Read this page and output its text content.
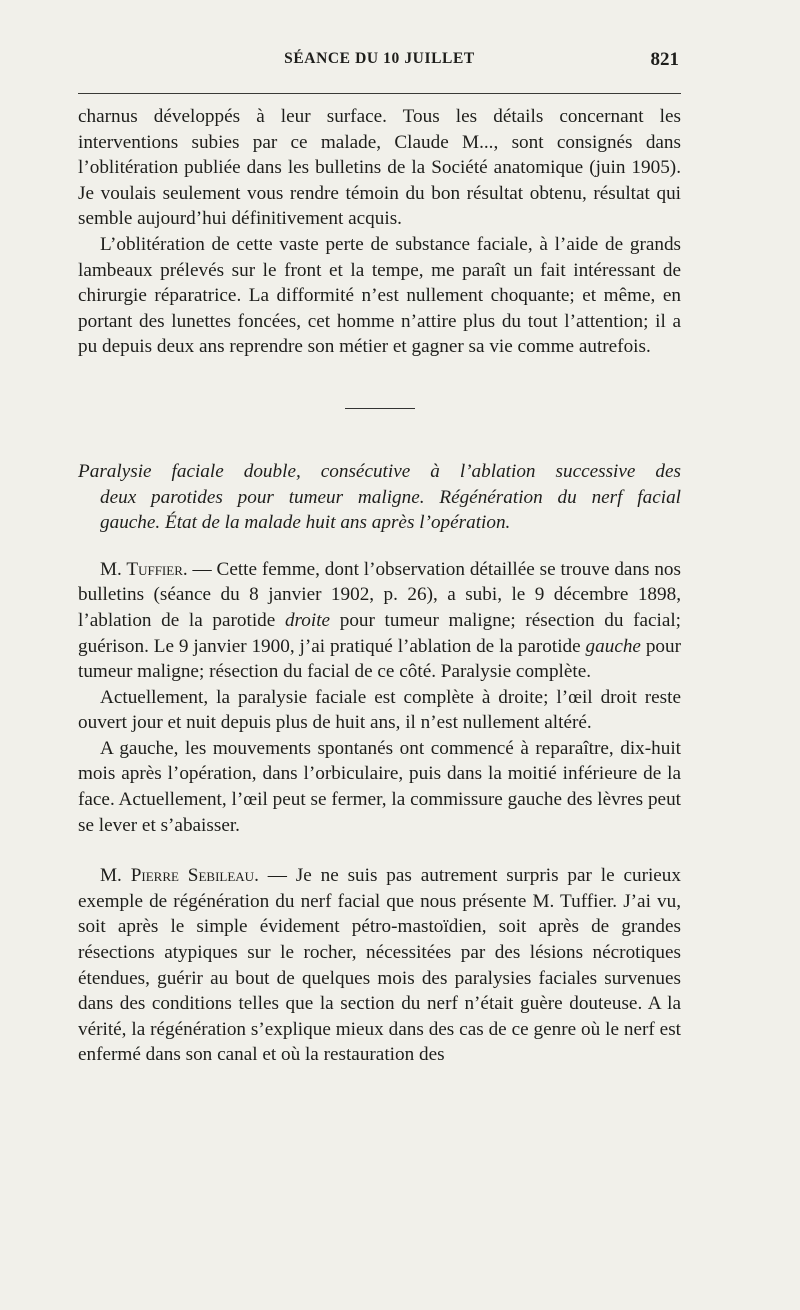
SÉANCE DU 10 JUILLET	821

charnus développés à leur surface. Tous les détails concernant les interventions subies par ce malade, Claude M..., sont consignés dans l’oblitération publiée dans les bulletins de la Société anatomique (juin 1905). Je voulais seulement vous rendre témoin du bon résultat obtenu, résultat qui semble aujourd’hui définitivement acquis.

L’oblitération de cette vaste perte de substance faciale, à l’aide de grands lambeaux prélevés sur le front et la tempe, me paraît un fait intéressant de chirurgie réparatrice. La difformité n’est nullement choquante; et même, en portant des lunettes foncées, cet homme n’attire plus du tout l’attention; il a pu depuis deux ans reprendre son métier et gagner sa vie comme autrefois.

Paralysie faciale double, consécutive à l’ablation successive des
deux parotides pour tumeur maligne. Régénération du nerf facial
gauche. État de la malade huit ans après l’opération.

M. Tuffier. — Cette femme, dont l’observation détaillée se trouve dans nos bulletins (séance du 8 janvier 1902, p. 26), a subi, le 9 décembre 1898, l’ablation de la parotide droite pour tumeur maligne; résection du facial; guérison. Le 9 janvier 1900, j’ai pratiqué l’ablation de la parotide gauche pour tumeur maligne; résection du facial de ce côté. Paralysie complète.

Actuellement, la paralysie faciale est complète à droite; l’œil droit reste ouvert jour et nuit depuis plus de huit ans, il n’est nullement altéré.

A gauche, les mouvements spontanés ont commencé à reparaître, dix-huit mois après l’opération, dans l’orbiculaire, puis dans la moitié inférieure de la face. Actuellement, l’œil peut se fermer, la commissure gauche des lèvres peut se lever et s’abaisser.

M. Pierre Sebileau. — Je ne suis pas autrement surpris par le curieux exemple de régénération du nerf facial que nous présente M. Tuffier. J’ai vu, soit après le simple évidement pétro-mastoïdien, soit après de grandes résections atypiques sur le rocher, nécessitées par des lésions nécrotiques étendues, guérir au bout de quelques mois des paralysies faciales survenues dans des conditions telles que la section du nerf n’était guère douteuse. A la vérité, la régénération s’explique mieux dans des cas de ce genre où le nerf est enfermé dans son canal et où la restauration des
